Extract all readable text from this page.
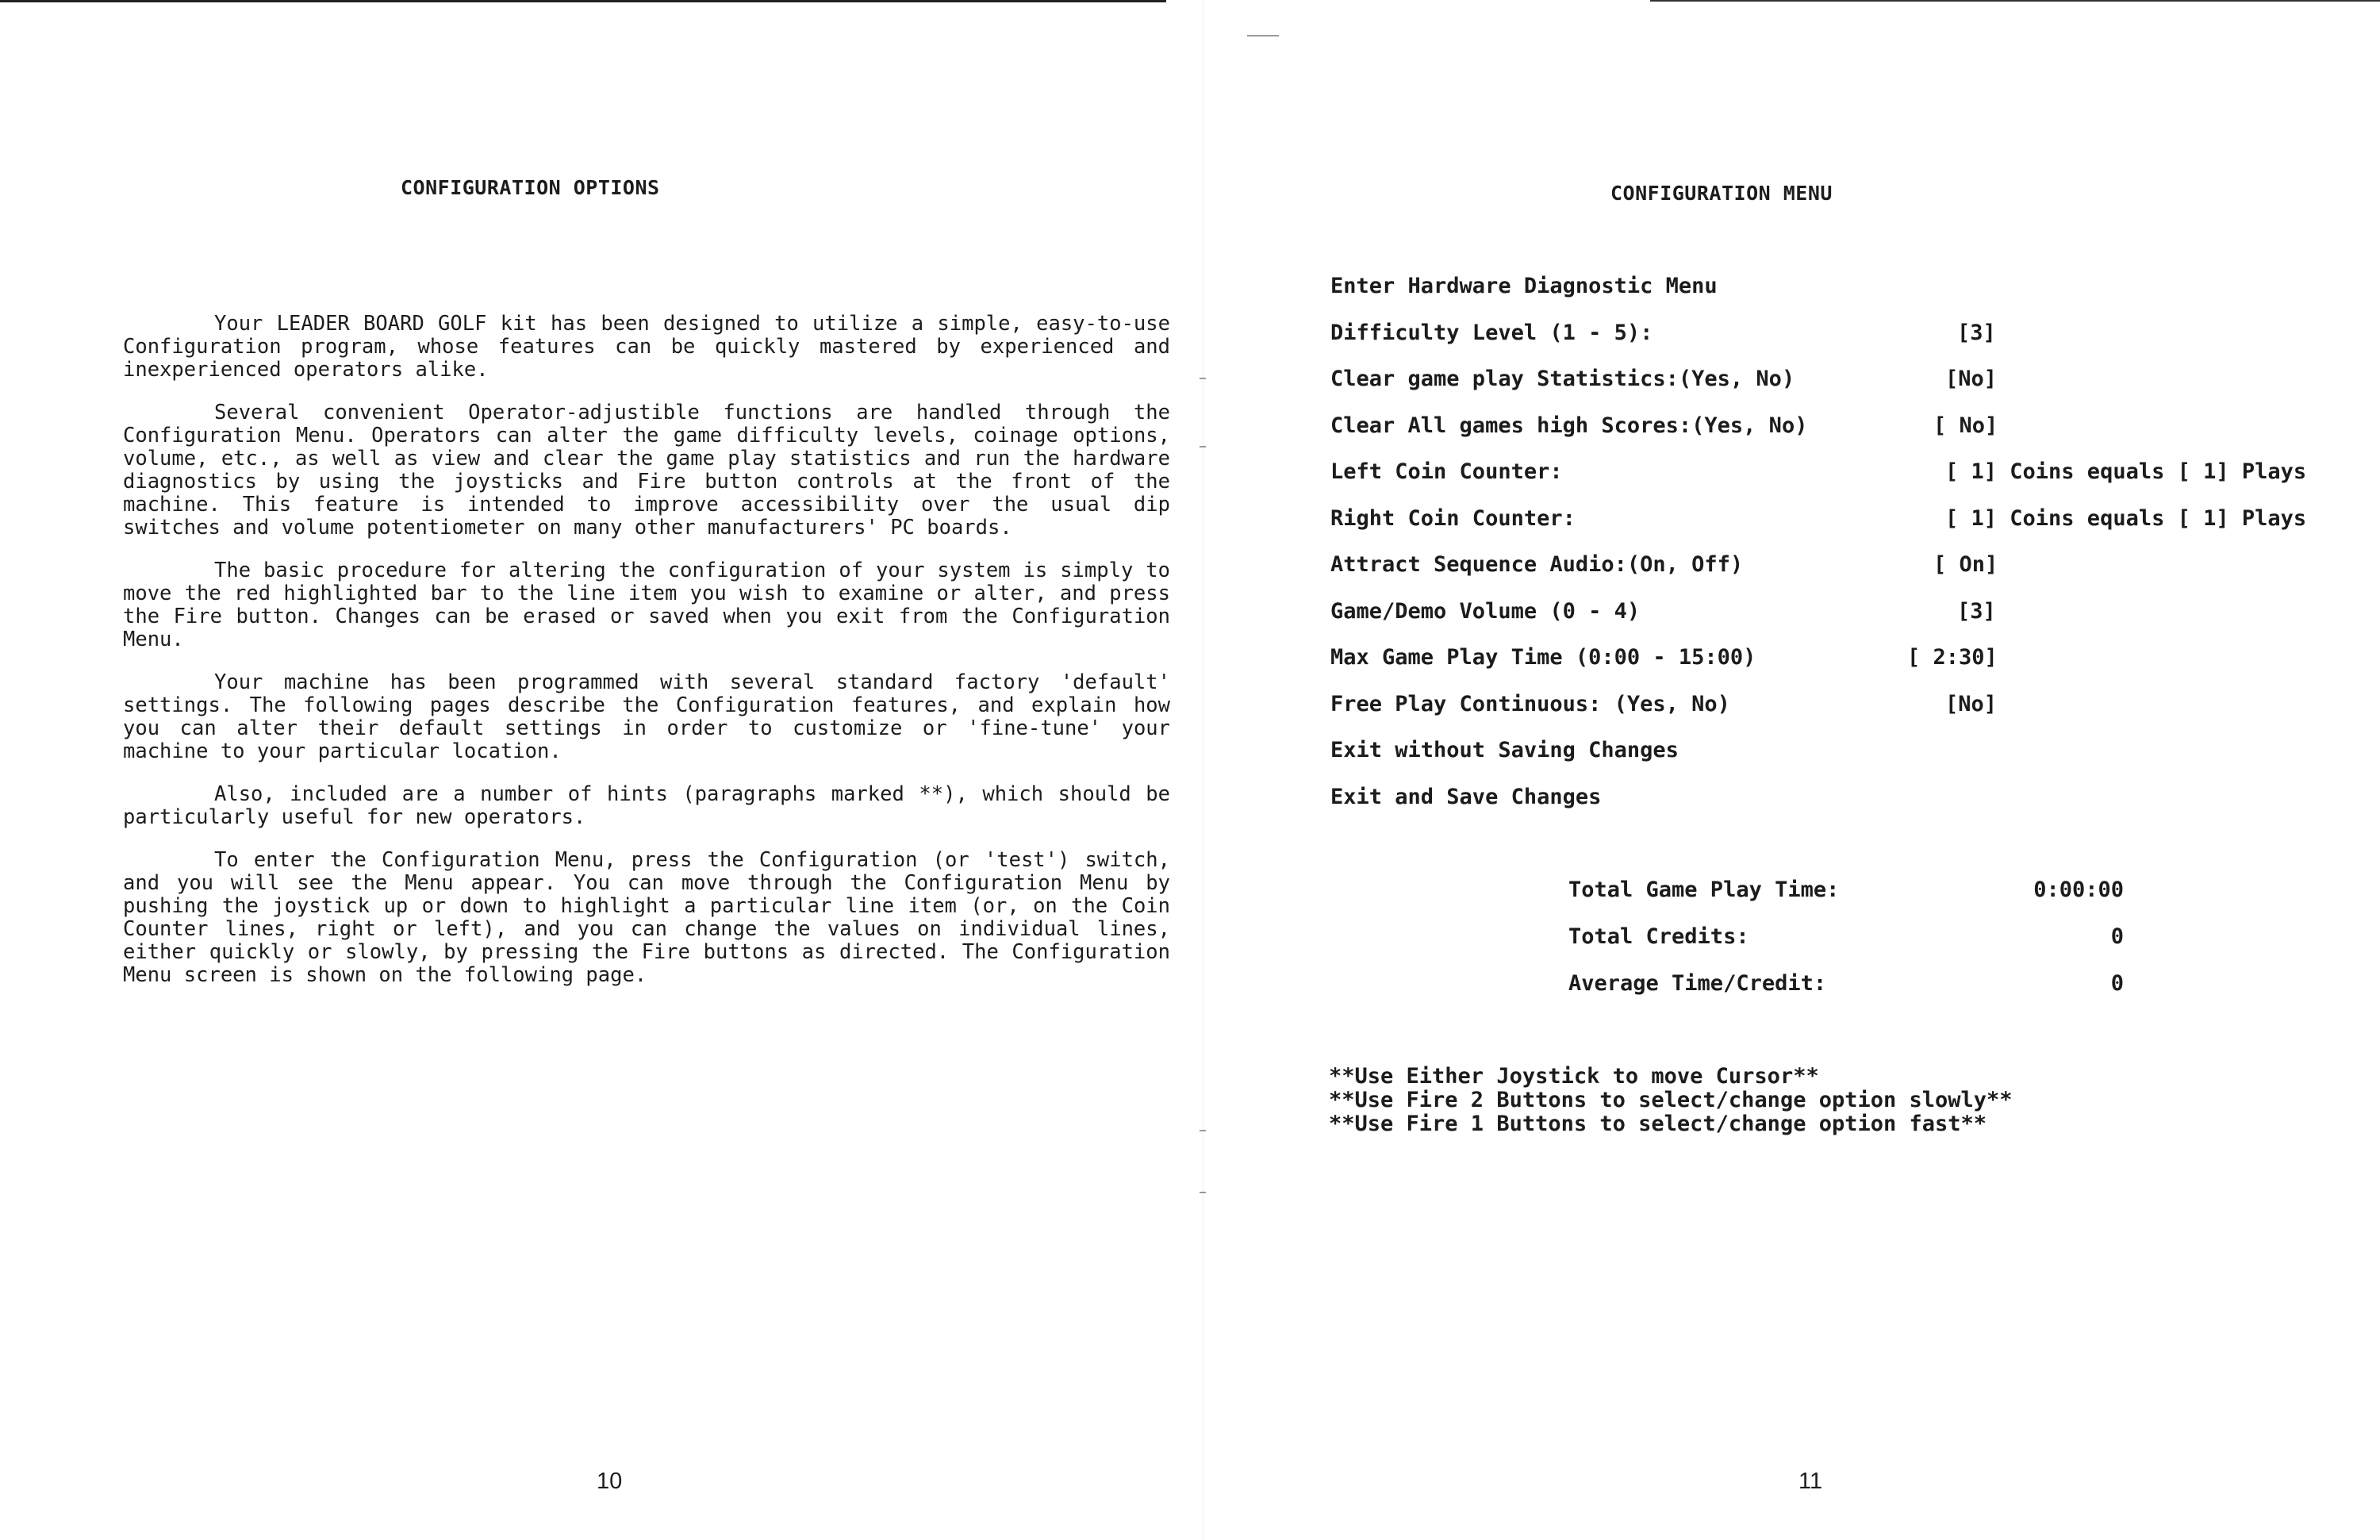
CONFIGURATION OPTIONS

Your LEADER BOARD GOLF kit has been designed to utilize a simple, easy-to-use Configuration program, whose features can be quickly mastered by experienced and inexperienced operators alike.

Several convenient Operator-adjustible functions are handled through the Configuration Menu. Operators can alter the game difficulty levels, coinage options, volume, etc., as well as view and clear the game play statistics and run the hardware diagnostics by using the joysticks and Fire button controls at the front of the machine. This feature is intended to improve accessibility over the usual dip switches and volume potentiometer on many other manufacturers' PC boards.

The basic procedure for altering the configuration of your system is simply to move the red highlighted bar to the line item you wish to examine or alter, and press the Fire button. Changes can be erased or saved when you exit from the Configuration Menu.

Your machine has been programmed with several standard factory 'default' settings. The following pages describe the Configuration features, and explain how you can alter their default settings in order to customize or 'fine-tune' your machine to your particular location.

Also, included are a number of hints (paragraphs marked **), which should be particularly useful for new operators.

To enter the Configuration Menu, press the Configuration (or 'test') switch, and you will see the Menu appear. You can move through the Configuration Menu by pushing the joystick up or down to highlight a particular line item (or, on the Coin Counter lines, right or left), and you can change the values on individual lines, either quickly or slowly, by pressing the Fire buttons as directed. The Configuration Menu screen is shown on the following page.

10
CONFIGURATION MENU
Enter Hardware Diagnostic Menu
Difficulty Level (1 - 5):	[3]
Clear game play Statistics:(Yes, No)	[No]
Clear All games high Scores:(Yes, No)	[ No]
Left Coin Counter:	[ 1] Coins equals [ 1] Plays
Right Coin Counter:	[ 1] Coins equals [ 1] Plays
Attract Sequence Audio:(On, Off)	[ On]
Game/Demo Volume (0 - 4)	[3]
Max Game Play Time (0:00 - 15:00)	[ 2:30]
Free Play Continuous: (Yes, No)	[No]
Exit without Saving Changes
Exit and Save Changes
Total Game Play Time:	0:00:00
Total Credits:	0
Average Time/Credit:	0
**Use Either Joystick to move Cursor**
**Use Fire 2 Buttons to select/change option slowly**
**Use Fire 1 Buttons to select/change option fast**
11
